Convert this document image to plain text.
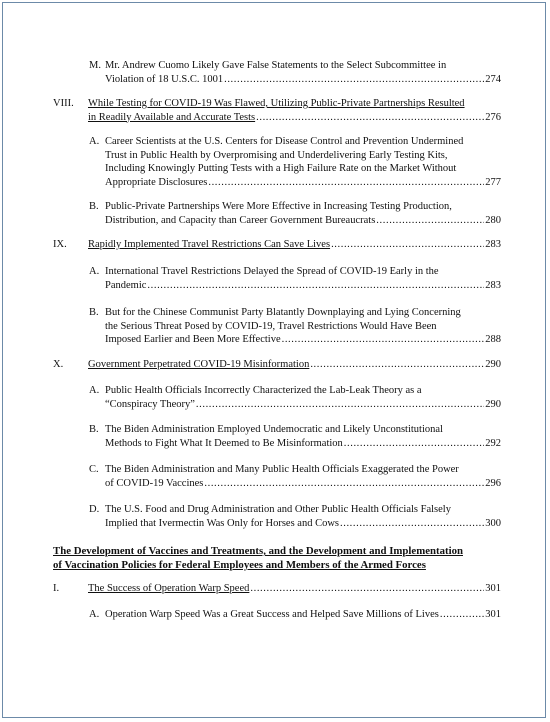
M. Mr. Andrew Cuomo Likely Gave False Statements to the Select Subcommittee in
Violation of 18 U.S.C. 1001 .....	274
VIII. While Testing for COVID-19 Was Flawed, Utilizing Public-Private Partnerships Resulted
in Readily Available and Accurate Tests .....	276
A. Career Scientists at the U.S. Centers for Disease Control and Prevention Undermined
Trust in Public Health by Overpromising and Underdelivering Early Testing Kits,
Including Knowingly Putting Tests with a High Failure Rate on the Market Without
Appropriate Disclosures .....	277
B. Public-Private Partnerships Were More Effective in Increasing Testing Production,
Distribution, and Capacity than Career Government Bureaucrats .....	280
IX. Rapidly Implemented Travel Restrictions Can Save Lives .....	283
A. International Travel Restrictions Delayed the Spread of COVID-19 Early in the
Pandemic .....	283
B. But for the Chinese Communist Party Blatantly Downplaying and Lying Concerning
the Serious Threat Posed by COVID-19, Travel Restrictions Would Have Been
Imposed Earlier and Been More Effective .....	288
X. Government Perpetrated COVID-19 Misinformation .....	290
A. Public Health Officials Incorrectly Characterized the Lab-Leak Theory as a
“Conspiracy Theory” .....	290
B. The Biden Administration Employed Undemocratic and Likely Unconstitutional
Methods to Fight What It Deemed to Be Misinformation .....	292
C. The Biden Administration and Many Public Health Officials Exaggerated the Power
of COVID-19 Vaccines .....	296
D. The U.S. Food and Drug Administration and Other Public Health Officials Falsely
Implied that Ivermectin Was Only for Horses and Cows .....	300
I.	The Success of Operation Warp Speed .....	301
A. Operation Warp Speed Was a Great Success and Helped Save Millions of Lives .....	301
The Development of Vaccines and Treatments, and the Development and Implementation
of Vaccination Policies for Federal Employees and Members of the Armed Forces
